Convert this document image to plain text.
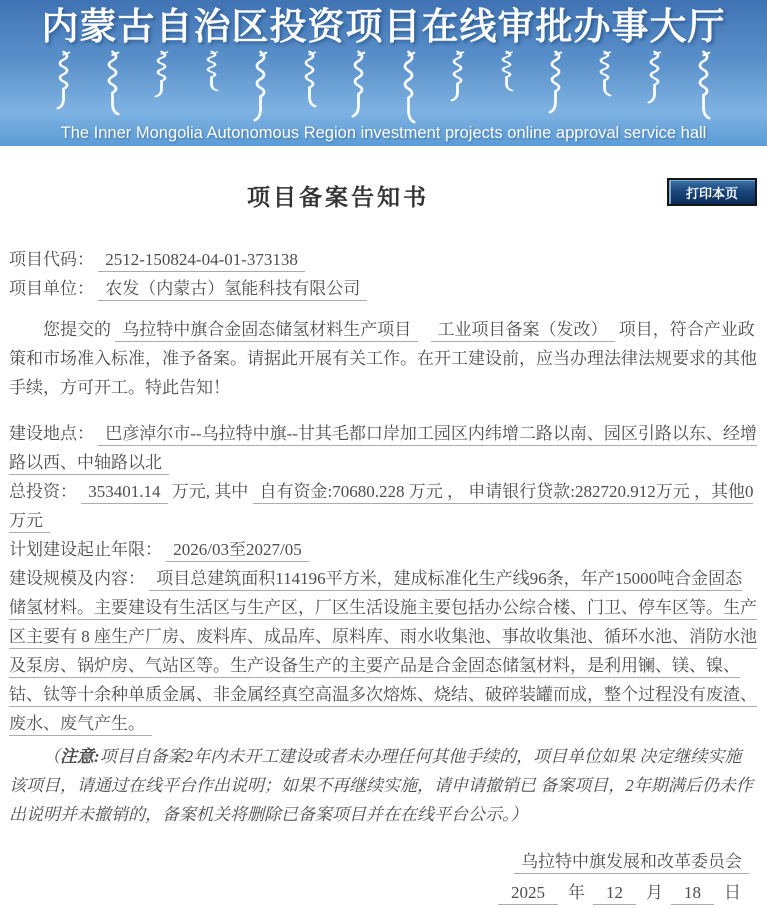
内蒙古自治区投资项目在线审批办事大厅
The Inner Mongolia Autonomous Region investment projects online approval service hall
打印本页
项目备案告知书
项目代码： 2512-150824-04-01-373138
项目单位： 农发（内蒙古）氢能科技有限公司

您提交的 乌拉特中旗合金固态储氢材料生产项目 工业项目备案（发改） 项目，符合产业政策和市场准入标准，准予备案。请据此开展有关工作。在开工建设前，应当办理法律法规要求的其他手续，方可开工。特此告知！

建设地点： 巴彦淖尔市--乌拉特中旗--甘其毛都口岸加工园区内纬增二路以南、园区引路以东、经增路以西、中轴路以北
总投资： 353401.14 万元, 其中 自有资金:70680.228 万元 ， 申请银行贷款:282720.912万元 ，其他0 万元
计划建设起止年限： 2026/03至2027/05
建设规模及内容： 项目总建筑面积114196平方米，建成标准化生产线96条，年产15000吨合金固态储氢材料。主要建设有生活区与生产区，厂区生活设施主要包括办公综合楼、门卫、停车区等。生产区主要有 8 座生产厂房、废料库、成品库、原料库、雨水收集池、事故收集池、循环水池、消防水池及泵房、锅炉房、气站区等。生产设备生产的主要产品是合金固态储氢材料，是利用镧、镁、镍、钴、钛等十余种单质金属、非金属经真空高温多次熔炼、烧结、破碎装罐而成，整个过程没有废渣、废水、废气产生。

（注意:项目自备案2年内未开工建设或者未办理任何其他手续的，项目单位如果 决定继续实施该项目，请通过在线平台作出说明；如果不再继续实施，请申请撤销已 备案项目，2年期满后仍未作出说明并未撤销的，备案机关将删除已备案项目并在在线平台公示。）

乌拉特中旗发展和改革委员会
2025 年 12 月 18 日
